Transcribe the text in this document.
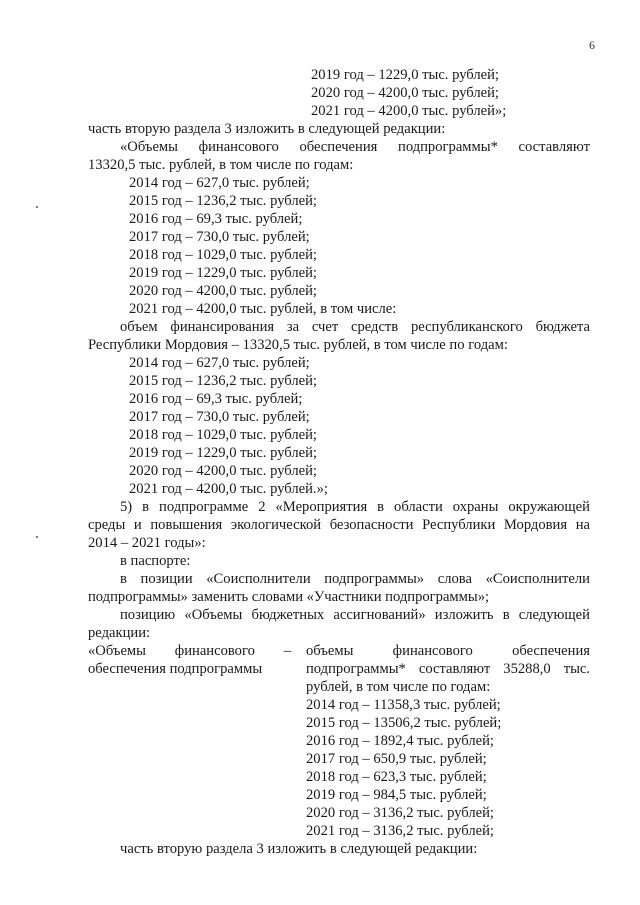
6
2019 год – 1229,0 тыс. рублей;
2020 год – 4200,0 тыс. рублей;
2021 год – 4200,0 тыс. рублей»;
часть вторую раздела 3 изложить в следующей редакции:
«Объемы финансового обеспечения подпрограммы* составляют
13320,5 тыс. рублей, в том числе по годам:
2014 год – 627,0 тыс. рублей;
2015 год – 1236,2 тыс. рублей;
2016 год – 69,3 тыс. рублей;
2017 год – 730,0 тыс. рублей;
2018 год – 1029,0 тыс. рублей;
2019 год – 1229,0 тыс. рублей;
2020 год – 4200,0 тыс. рублей;
2021 год – 4200,0 тыс. рублей, в том числе:
объем финансирования за счет средств республиканского бюджета
Республики Мордовия – 13320,5 тыс. рублей, в том числе по годам:
2014 год – 627,0 тыс. рублей;
2015 год – 1236,2 тыс. рублей;
2016 год – 69,3 тыс. рублей;
2017 год – 730,0 тыс. рублей;
2018 год – 1029,0 тыс. рублей;
2019 год – 1229,0 тыс. рублей;
2020 год – 4200,0 тыс. рублей;
2021 год – 4200,0 тыс. рублей.»;
5) в подпрограмме 2 «Мероприятия в области охраны окружающей
среды и повышения экологической безопасности Республики Мордовия на
2014 – 2021 годы»:
в паспорте:
в позиции «Соисполнители подпрограммы» слова «Соисполнители
подпрограммы» заменить словами «Участники подпрограммы»;
позицию «Объемы бюджетных ассигнований» изложить в следующей
редакции:
«Объемы финансового –
обеспечения подпрограммы
объемы	финансового	обеспечения
подпрограммы* составляют 35288,0 тыс.
рублей, в том числе по годам:
2014 год – 11358,3 тыс. рублей;
2015 год – 13506,2 тыс. рублей;
2016 год – 1892,4 тыс. рублей;
2017 год – 650,9 тыс. рублей;
2018 год – 623,3 тыс. рублей;
2019 год – 984,5 тыс. рублей;
2020 год – 3136,2 тыс. рублей;
2021 год – 3136,2 тыс. рублей;
часть вторую раздела 3 изложить в следующей редакции:
